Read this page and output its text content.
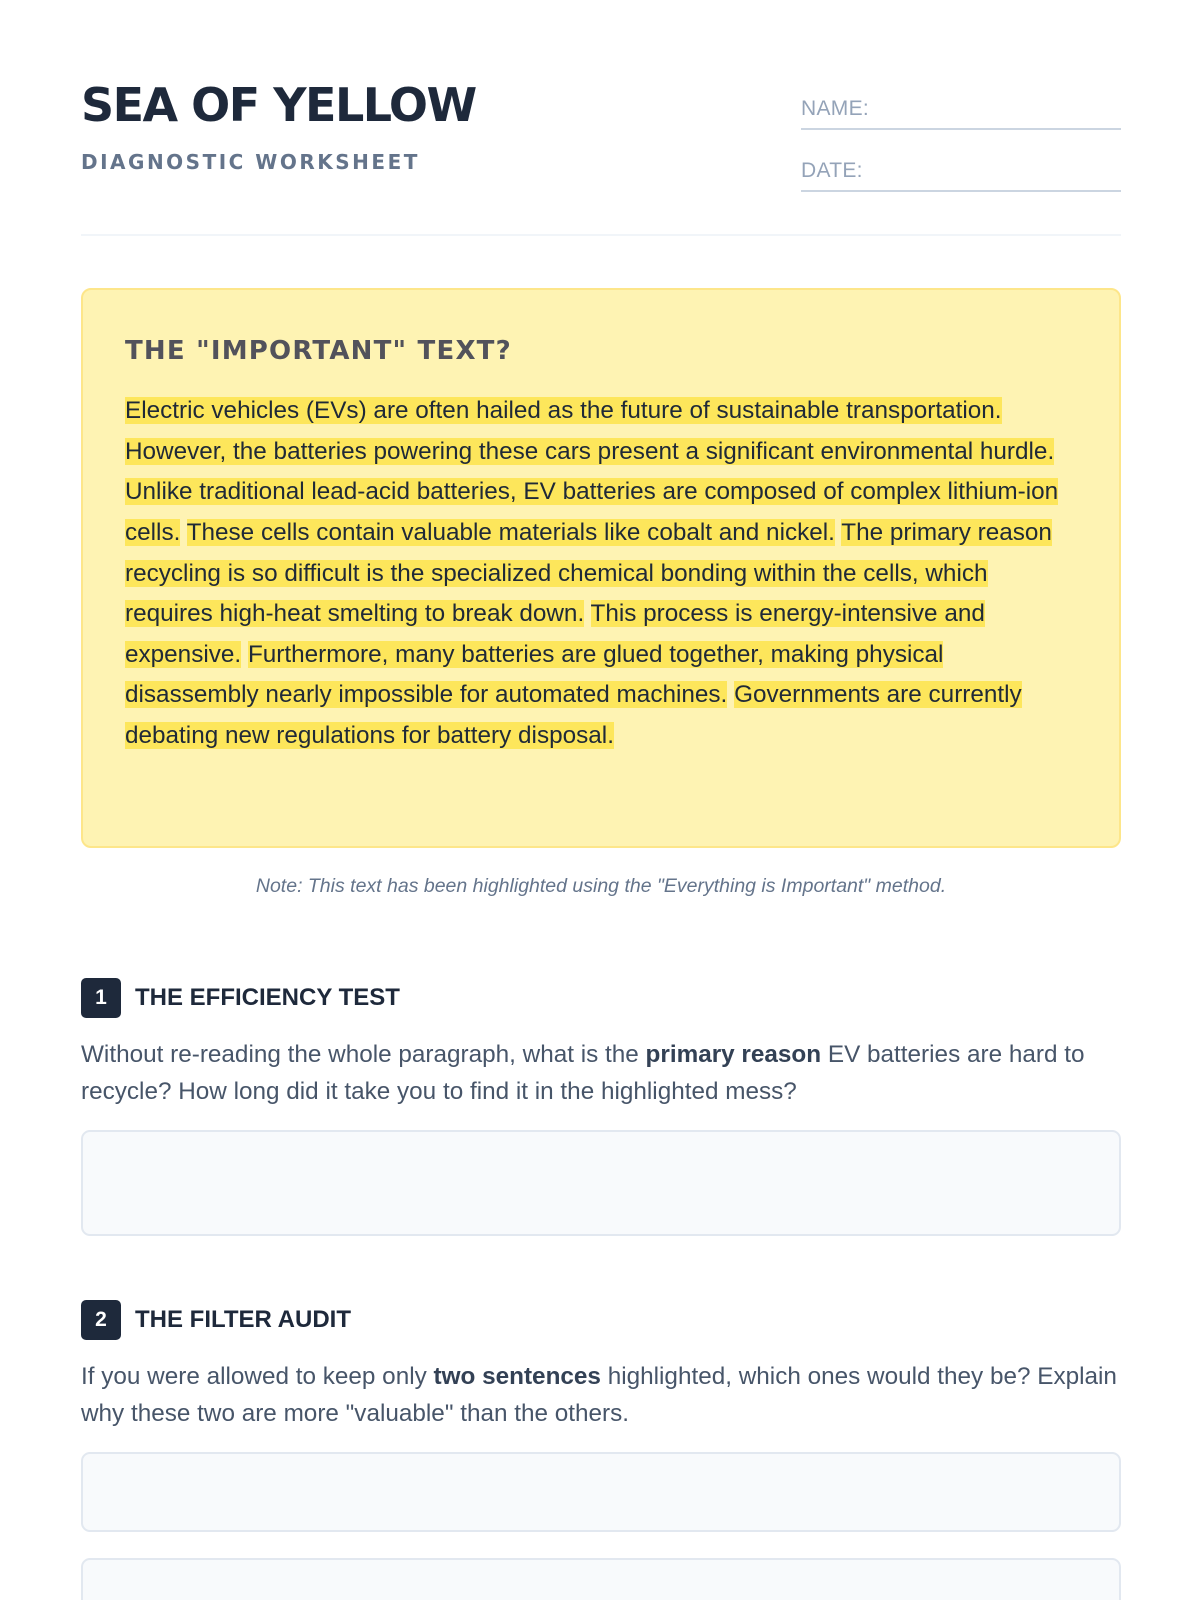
SEA OF YELLOW
DIAGNOSTIC WORKSHEET
NAME:
DATE:
THE "IMPORTANT" TEXT?

Electric vehicles (EVs) are often hailed as the future of sustainable transportation. However, the batteries powering these cars present a significant environmental hurdle. Unlike traditional lead-acid batteries, EV batteries are composed of complex lithium-ion cells. These cells contain valuable materials like cobalt and nickel. The primary reason recycling is so difficult is the specialized chemical bonding within the cells, which requires high-heat smelting to break down. This process is energy-intensive and expensive. Furthermore, many batteries are glued together, making physical disassembly nearly impossible for automated machines. Governments are currently debating new regulations for battery disposal.

Note: This text has been highlighted using the "Everything is Important" method.

1	THE EFFICIENCY TEST

Without re-reading the whole paragraph, what is the primary reason EV batteries are hard to recycle? How long did it take you to find it in the highlighted mess?

2	THE FILTER AUDIT

If you were allowed to keep only two sentences highlighted, which ones would they be? Explain why these two are more "valuable" than the others.
